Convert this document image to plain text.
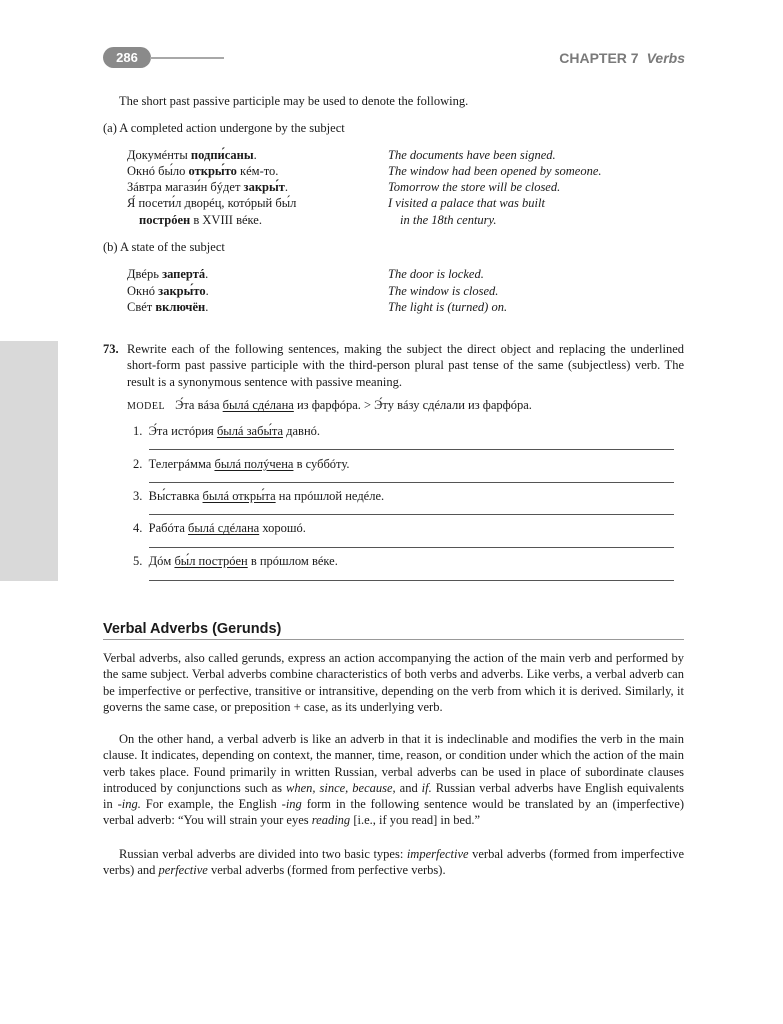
286	CHAPTER 7 Verbs
The short past passive participle may be used to denote the following.
(a) A completed action undergone by the subject
Докумéнты подпи́саны.	The documents have been signed.
Окнó бы́ло откры́то кéм-то.	The window had been opened by someone.
Зáвтра магази́н бýдет закры́т.	Tomorrow the store will be closed.
Я́ посети́л дворéц, котóрый бы́л	I visited a palace that was built
пострóен в XVIII вéке.	in the 18th century.
(b) A state of the subject
Двéрь запертá.	The door is locked.
Окнó закры́то.	The window is closed.
Свéт включён.	The light is (turned) on.
73. Rewrite each of the following sentences, making the subject the direct object and replacing the underlined short-form past passive participle with the third-person plural past tense of the same (subjectless) verb. The result is a synonymous sentence with passive meaning.
MODEL Э́та вáза былá сдéлана из фарфóра. > Э́ту вáзу сдéлали из фарфóра.
1. Э́та истóрия былá забы́та давнó.
2. Телегрáмма былá полýчена в суббóту.
3. Вы́ставка былá откры́та на прóшлой недéле.
4. Рабóта былá сдéлана хорошó.
5. Дóм бы́л пострóен в прóшлом вéке.
Verbal Adverbs (Gerunds)
Verbal adverbs, also called gerunds, express an action accompanying the action of the main verb and performed by the same subject. Verbal adverbs combine characteristics of both verbs and adverbs. Like verbs, a verbal adverb can be imperfective or perfective, transitive or intransitive, depending on the verb from which it is derived. Similarly, it governs the same case, or preposition + case, as its underlying verb.
On the other hand, a verbal adverb is like an adverb in that it is indeclinable and modifies the verb in the main clause. It indicates, depending on context, the manner, time, reason, or condition under which the action of the main verb takes place. Found primarily in written Russian, verbal adverbs can be used in place of subordinate clauses introduced by conjunctions such as when, since, because, and if. Russian verbal adverbs have English equivalents in -ing. For example, the English -ing form in the following sentence would be translated by an (imperfective) verbal adverb: “You will strain your eyes reading [i.e., if you read] in bed.”
Russian verbal adverbs are divided into two basic types: imperfective verbal adverbs (formed from imperfective verbs) and perfective verbal adverbs (formed from perfective verbs).
